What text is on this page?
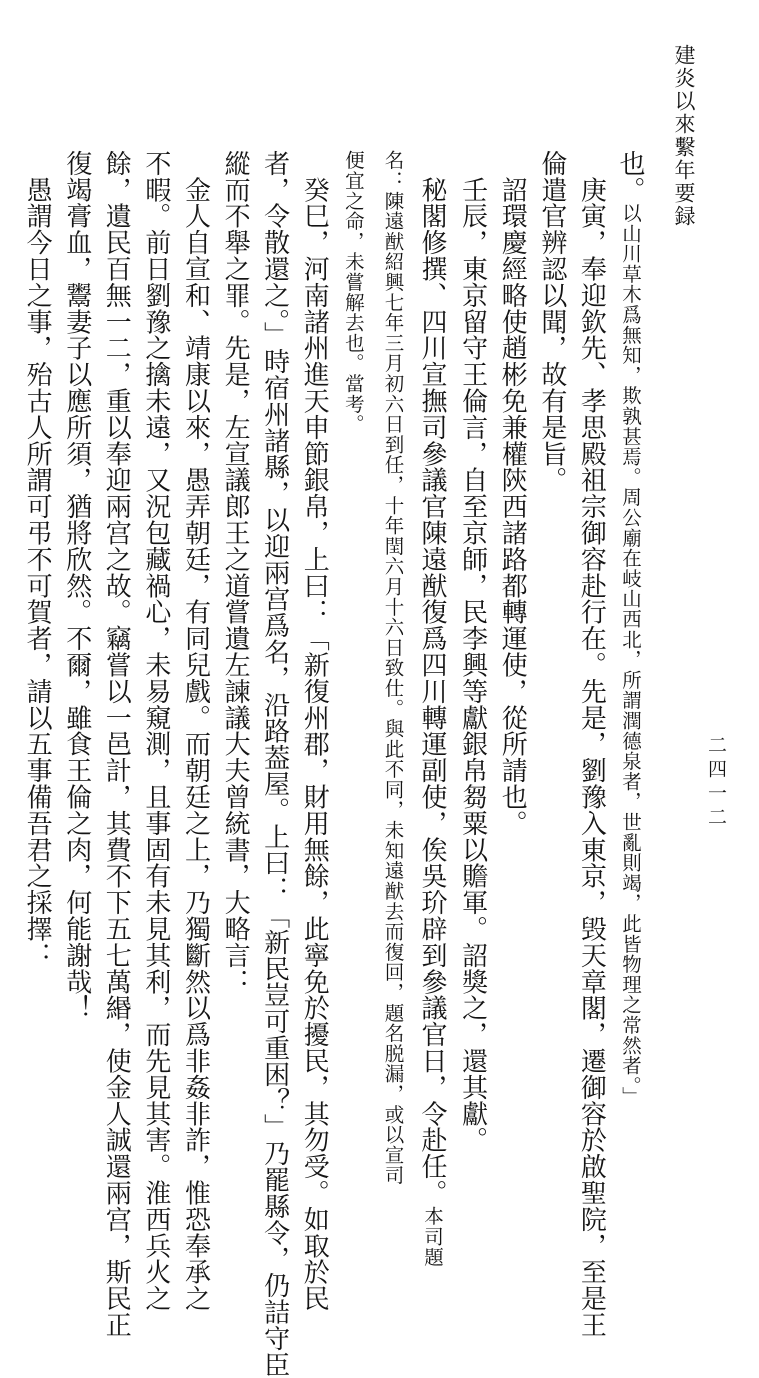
建炎以來繫年要録
二四一二
也。以山川草木爲無知，欺孰甚焉。周公廟在岐山西北，所謂潤德泉者，世亂則竭，此皆物理之常然者。」
　庚寅，奉迎欽先、孝思殿祖宗御容赴行在。先是，劉豫入東京，毁天章閣，遷御容於啟聖院，至是王
倫遣官辨認以聞，故有是旨。
　詔環慶經略使趙彬免兼權陝西諸路都轉運使，從所請也。
　壬辰，東京留守王倫言，自至京師，民李興等獻銀帛芻粟以贍軍。詔獎之，還其獻。
　秘閣修撰、四川宣撫司參議官陳遠猷復爲四川轉運副使，俟吳玠辟到參議官日，令赴任。本司題
名：陳遠猷紹興七年三月初六日到任，十年閏六月十六日致仕。與此不同，未知遠猷去而復回，題名脱漏，或以宣司
便宜之命，未嘗解去也。當考。
　癸巳，河南諸州進天申節銀帛，上曰：「新復州郡，財用無餘，此寧免於擾民，其勿受。如取於民
者，令散還之。」時宿州諸縣，以迎兩宫爲名，沿路葢屋。上曰：「新民豈可重困？」乃罷縣令，仍詰守臣
縱而不舉之罪。先是，左宣議郎王之道嘗遺左諫議大夫曾統書，大略言：
　金人自宣和、靖康以來，愚弄朝廷，有同兒戲。而朝廷之上，乃獨斷然以爲非姦非詐，惟恐奉承之
不暇。前日劉豫之擒未遠，又況包藏禍心，未易窺測，且事固有未見其利，而先見其害。淮西兵火之
餘，遺民百無一二，重以奉迎兩宫之故。竊嘗以一邑計，其費不下五七萬緡，使金人誠還兩宫，斯民正
復竭膏血，鬻妻子以應所須，猶將欣然。不爾，雖食王倫之肉，何能謝哉！
　愚謂今日之事，殆古人所謂可弔不可賀者，請以五事備吾君之採擇：
